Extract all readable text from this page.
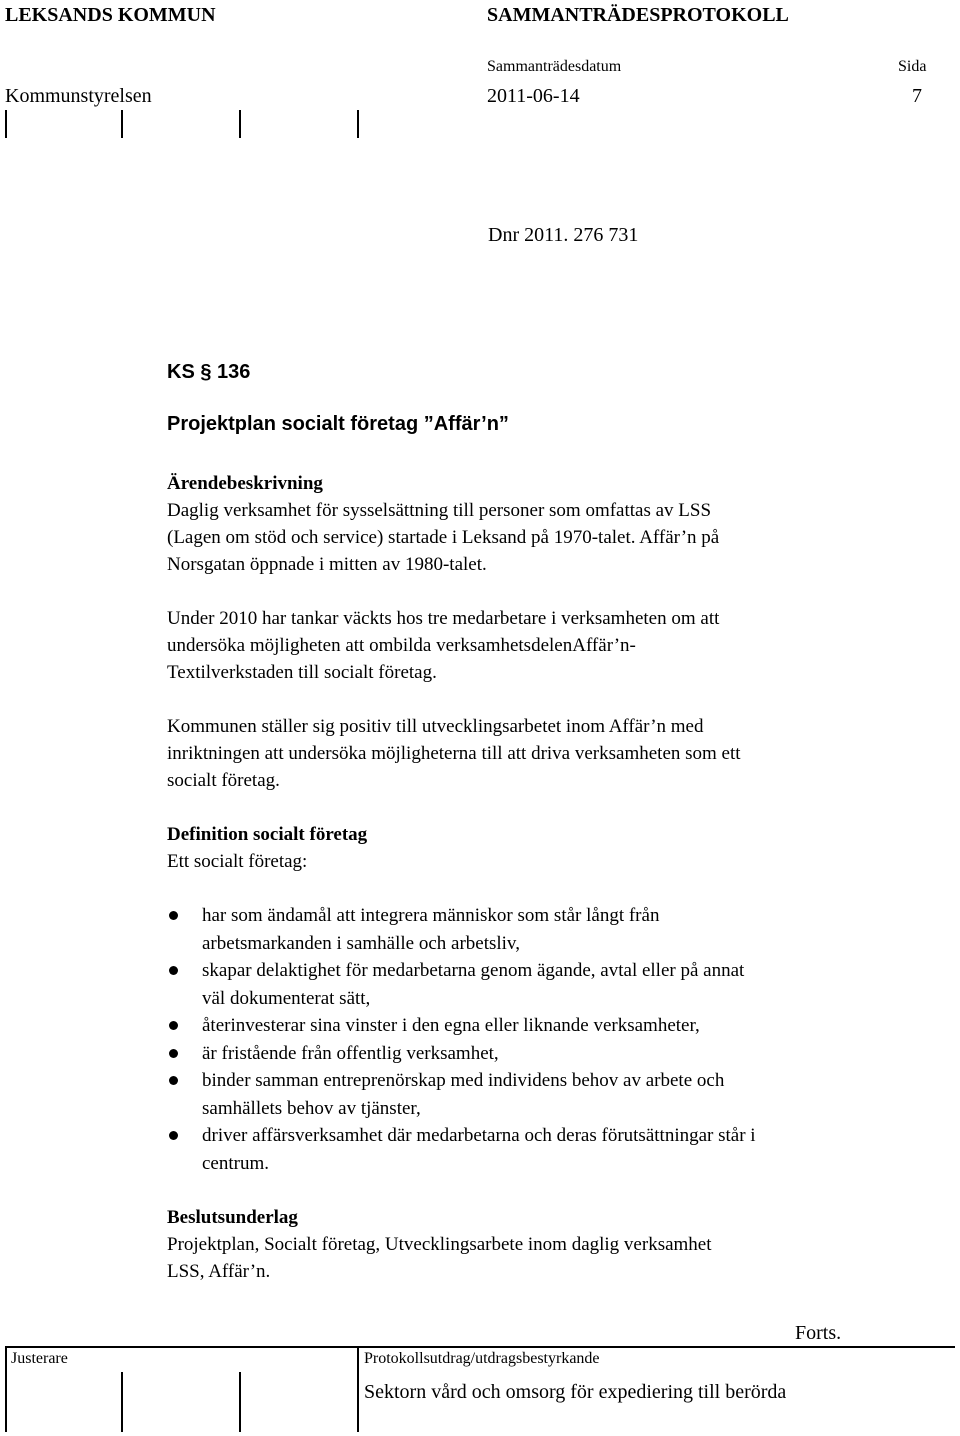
LEKSANDS KOMMUN	SAMMANTRÄDESPROTOKOLL
Sammanträdesdatum	Sida
Kommunstyrelsen	2011-06-14	7
Dnr 2011. 276 731
KS § 136
Projektplan socialt företag ”Affär’n”
Ärendebeskrivning
Daglig verksamhet för sysselsättning till personer som omfattas av LSS
(Lagen om stöd och service) startade i Leksand på 1970-talet. Affär’n på
Norsgatan öppnade i mitten av 1980-talet.
Under 2010 har tankar väckts hos tre medarbetare i verksamheten om att
undersöka möjligheten att ombilda verksamhetsdelenAffär’n-
Textilverkstaden till socialt företag.
Kommunen ställer sig positiv till utvecklingsarbetet inom Affär’n med
inriktningen att undersöka möjligheterna till att driva verksamheten som ett
socialt företag.
Definition socialt företag
Ett socialt företag:
har som ändamål att integrera människor som står långt från
arbetsmarkanden i samhälle och arbetsliv,
skapar delaktighet för medarbetarna genom ägande, avtal eller på annat
väl dokumenterat sätt,
återinvesterar sina vinster i den egna eller liknande verksamheter,
är fristående från offentlig verksamhet,
binder samman entreprenörskap med individens behov av arbete och
samhällets behov av tjänster,
driver affärsverksamhet där medarbetarna och deras förutsättningar står i
centrum.
Beslutsunderlag
Projektplan, Socialt företag, Utvecklingsarbete inom daglig verksamhet
LSS, Affär’n.
Forts.
Justerare	Protokollsutdrag/utdragsbestyrkande
Sektorn vård och omsorg för expediering till berörda
